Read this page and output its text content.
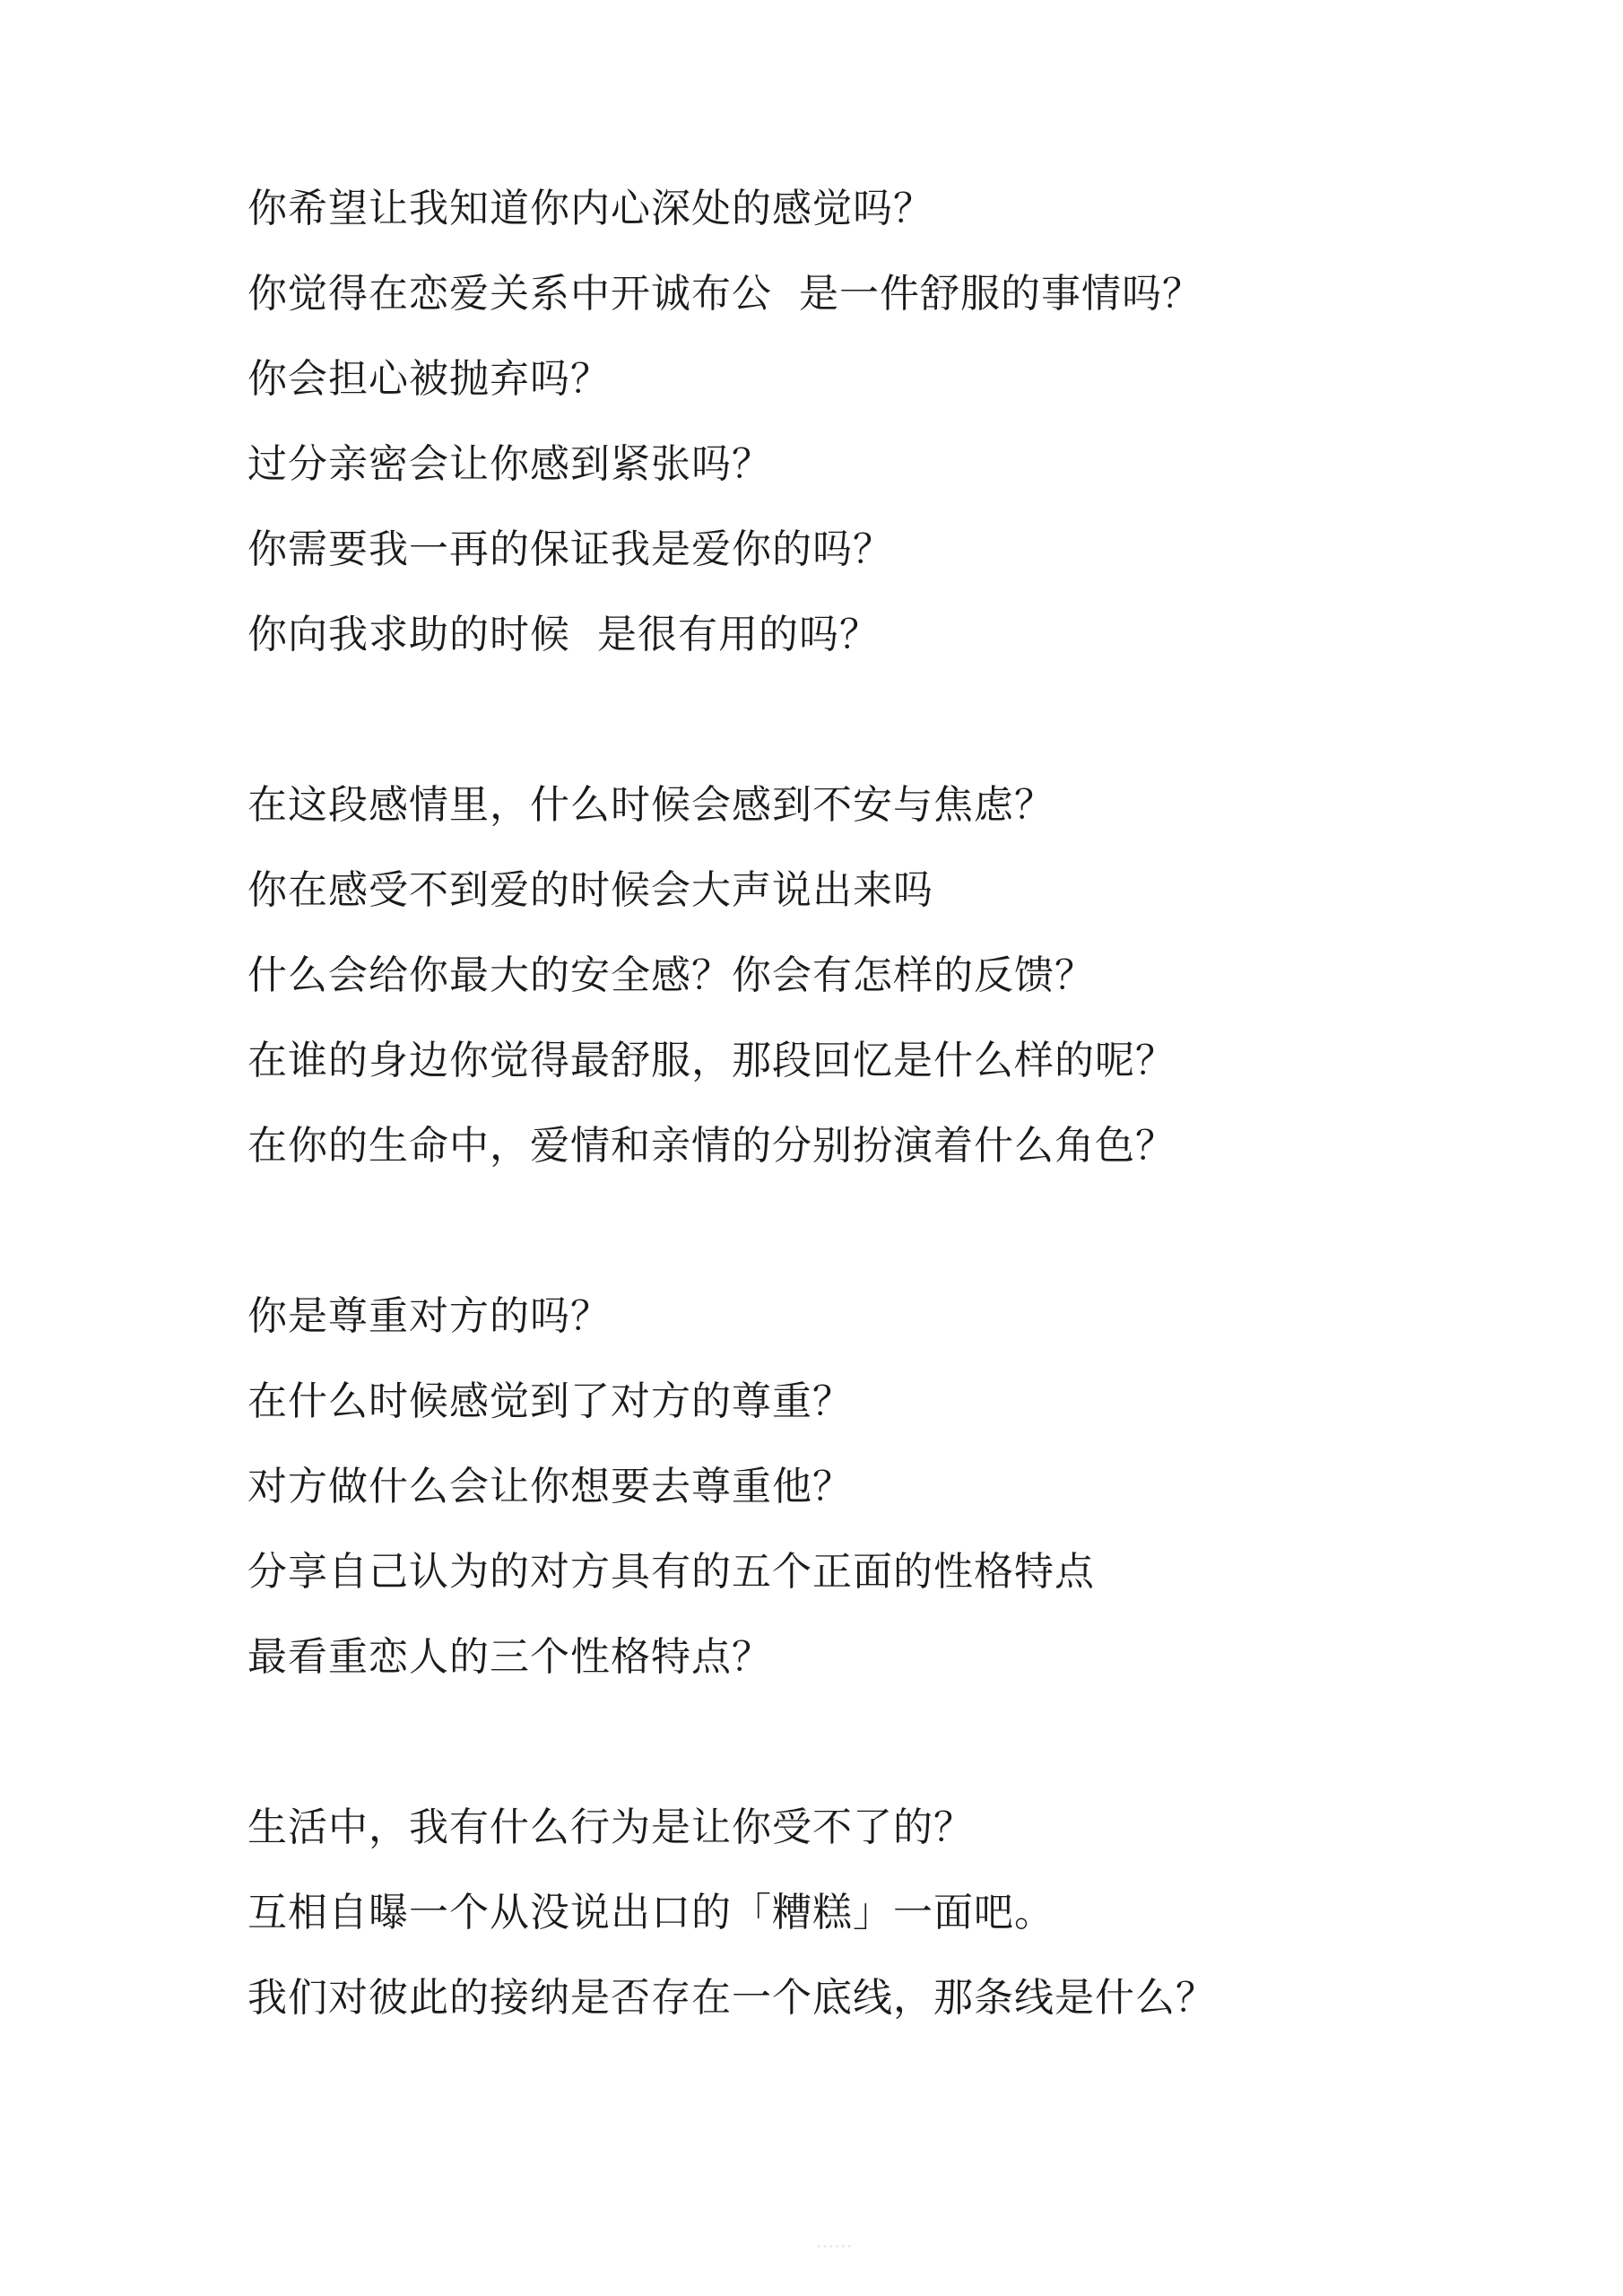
你希望让我知道你内心深处的感觉吗？
你觉得在恋爱关系中开诚布公  是一件舒服的事情吗？
你会担心被抛弃吗？
过分亲密会让你感到紧张吗？
你需要我一再的保证我是爱你的吗？
你向我求助的时候  是很有用的吗？
在这段感情里，什么时候会感到不安与焦虑？
你在感受不到爱的时候会大声说出来吗
什么会给你最大的安全感？你会有怎样的反馈？
在谁的身边你觉得最舒服，那段回忆是什么样的呢？
在你的生命中，爱情和亲情的分别扮演着什么角色？
你是尊重对方的吗？
在什么时候感觉到了对方的尊重？
对方做什么会让你想要去尊重他？
分享自己认为的对方具有的五个正面的性格特点
最看重恋人的三个性格特点？
生活中，我有什么行为是让你受不了的？
互相自曝一个从没说出口的「糟糕」一面吧。
我们对彼此的接纳是否存在一个底线，那条线是什么？
••••••
